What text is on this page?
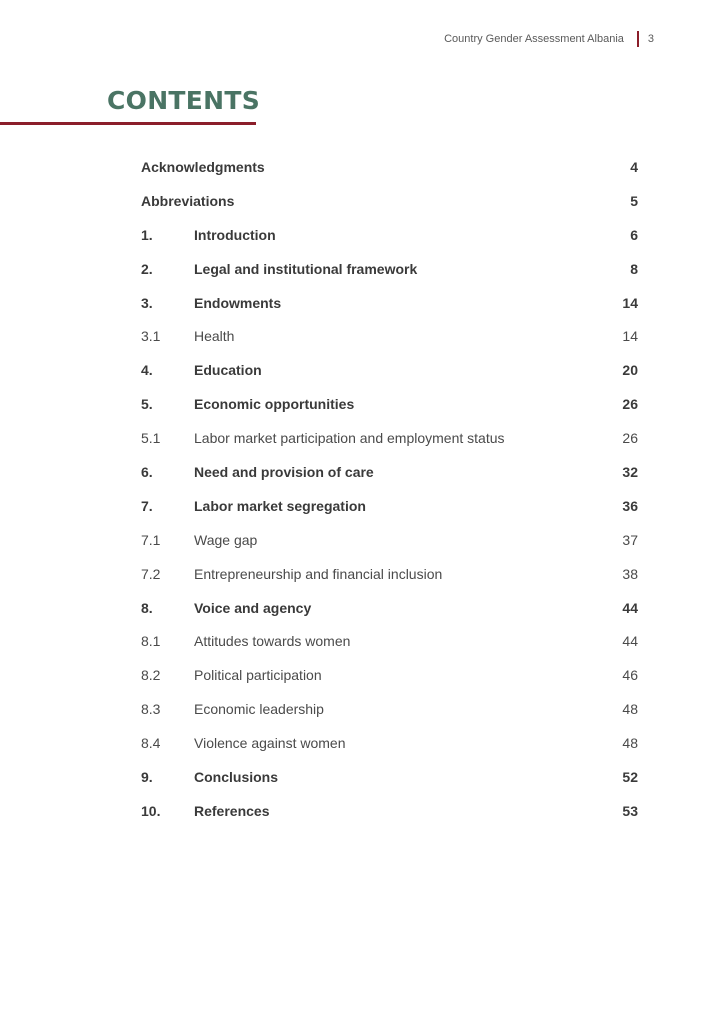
Country Gender Assessment Albania 3
CONTENTS
Acknowledgments	4
Abbreviations	5
1.	Introduction	6
2.	Legal and institutional framework	8
3.	Endowments	14
3.1 Health	14
4.	Education	20
5.	Economic opportunities	26
5.1 Labor market participation and employment status	26
6.	Need and provision of care	32
7.	Labor market segregation	36
7.1 Wage gap	37
7.2 Entrepreneurship and financial inclusion	38
8.	Voice and agency	44
8.1 Attitudes towards women	44
8.2 Political participation	46
8.3 Economic leadership	48
8.4 Violence against women	48
9.	Conclusions	52
10. References	53
